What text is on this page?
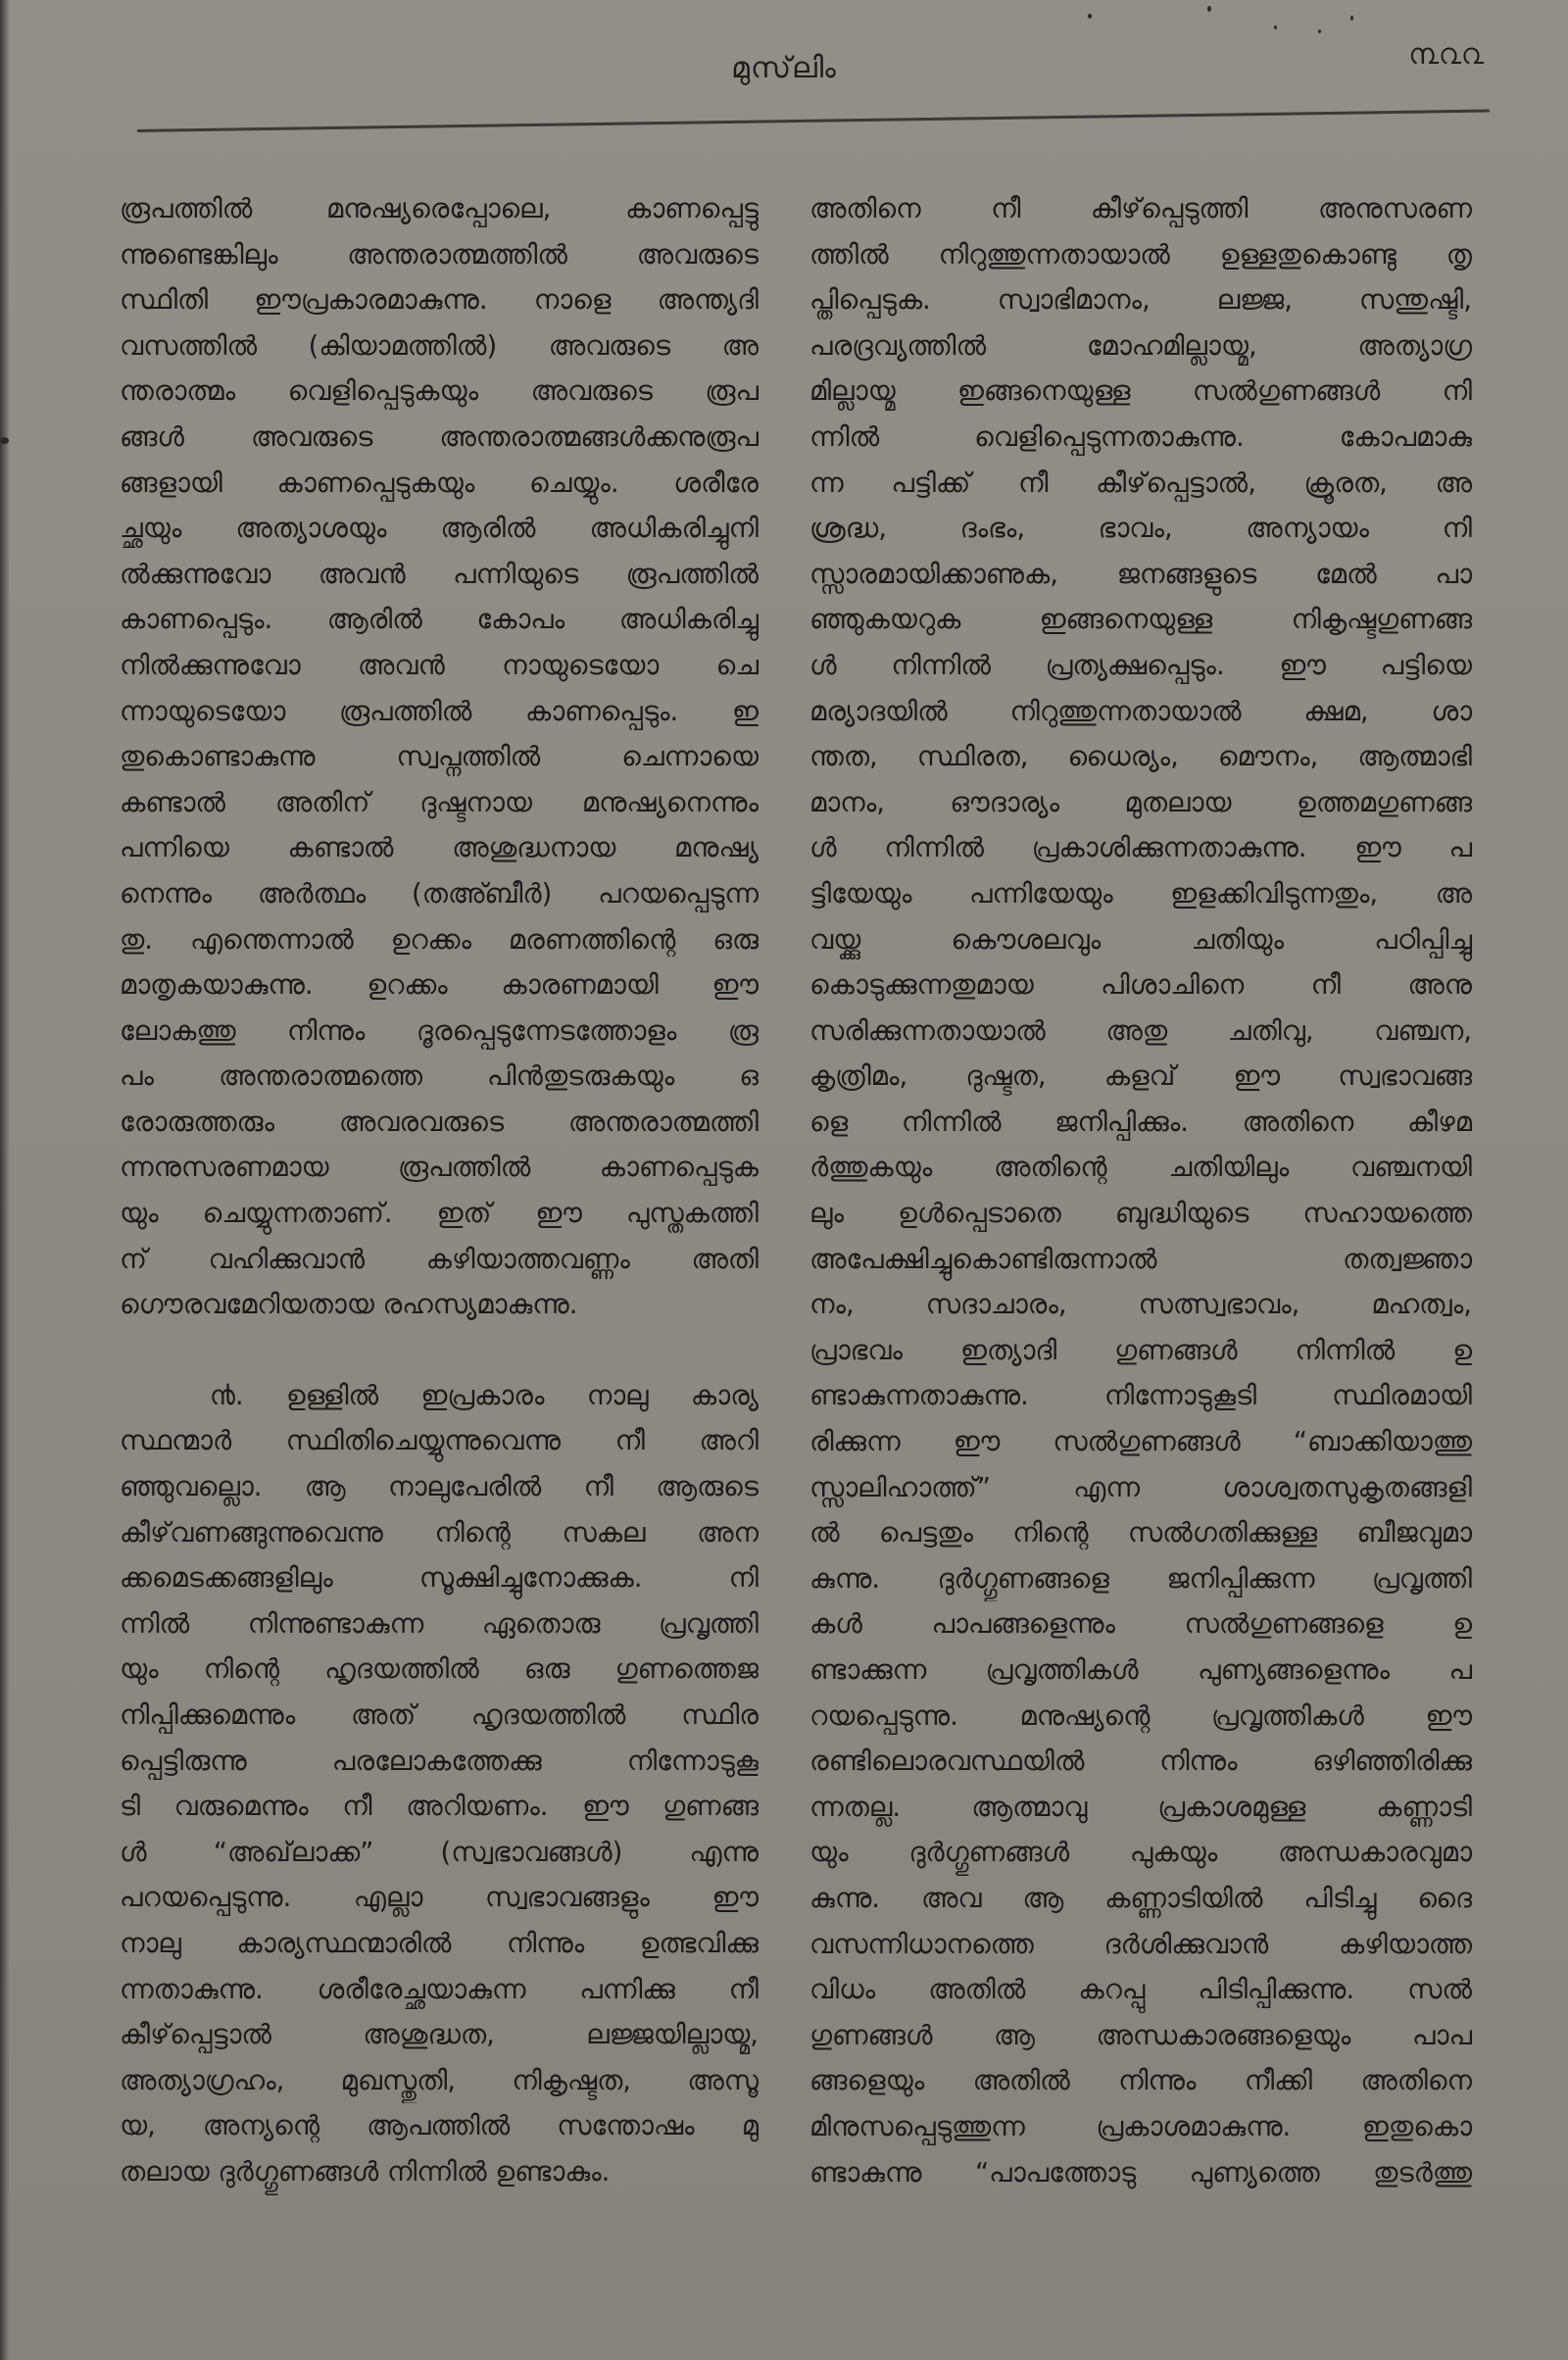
മുസ്‌ലിം	൩൨൨
രൂപത്തിൽ മനുഷ്യരെപ്പോലെ, കാണപ്പെട്ടു
ന്നുണ്ടെങ്കിലും അന്തരാത്മത്തിൽ അവരുടെ
സ്ഥിതി ഈപ്രകാരമാകുന്നു. നാളെ അന്ത്യദി
വസത്തിൽ (കിയാമത്തിൽ) അവരുടെ അ
ന്തരാത്മം വെളിപ്പെടുകയും അവരുടെ രൂപ
ങ്ങൾ അവരുടെ അന്തരാത്മങ്ങൾക്കനുരൂപ
ങ്ങളായി കാണപ്പെടുകയും ചെയ്യും. ശരീരേ
ച്ഛയും അത്യാശയും ആരിൽ അധികരിച്ചുനി
ൽക്കുന്നുവോ അവൻ പന്നിയുടെ രൂപത്തിൽ
കാണപ്പെടും. ആരിൽ കോപം അധികരിച്ചു
നിൽക്കുന്നുവോ അവൻ നായുടെയോ ചെ
ന്നായുടെയോ രൂപത്തിൽ കാണപ്പെടും. ഇ
തുകൊണ്ടാകുന്നു സ്വപ്നത്തിൽ ചെന്നായെ
കണ്ടാൽ അതിന് ദുഷ്ടനായ മനുഷ്യനെന്നും
പന്നിയെ കണ്ടാൽ അശുദ്ധനായ മനുഷ്യ
നെന്നും അർത്ഥം (തഅ്ബീർ) പറയപ്പെടുന്ന
തു. എന്തെന്നാൽ ഉറക്കം മരണത്തിന്റെ ഒരു
മാതൃകയാകുന്നു. ഉറക്കം കാരണമായി ഈ
ലോകത്തു നിന്നും ദൂരപ്പെടുന്നേടത്തോളം രൂ
പം അന്തരാത്മത്തെ പിൻതുടരുകയും ഒ
രോരുത്തരും അവരവരുടെ അന്തരാത്മത്തി
ന്നനുസരണമായ രൂപത്തിൽ കാണപ്പെടുക
യും ചെയ്യുന്നതാണ്. ഇത് ഈ പുസ്തകത്തി
ന് വഹിക്കുവാൻ കഴിയാത്തവണ്ണം അതി
ഗൌരവമേറിയതായ രഹസ്യമാകുന്നു.
൯. ഉള്ളിൽ ഇപ്രകാരം നാലു കാര്യ
സ്ഥന്മാർ സ്ഥിതിചെയ്യുന്നുവെന്നു നീ അറി
ഞ്ഞുവല്ലൊ. ആ നാലുപേരിൽ നീ ആരുടെ
കീഴ്‌വണങ്ങുന്നുവെന്നു നിന്റെ സകല അന
ക്കമെടക്കങ്ങളിലും സൂക്ഷിച്ചുനോക്കുക. നി
ന്നിൽ നിന്നുണ്ടാകുന്ന ഏതൊരു പ്രവൃത്തി
യും നിന്റെ ഹൃദയത്തിൽ ഒരു ഗുണത്തെജ
നിപ്പിക്കുമെന്നും അത് ഹൃദയത്തിൽ സ്ഥിര
പ്പെട്ടിരുന്നു പരലോകത്തേക്കു നിന്നോടുകൂ
ടി വരുമെന്നും നീ അറിയണം. ഈ ഗുണങ്ങ
ൾ “അഖ്‌ലാക്ക” (സ്വഭാവങ്ങൾ) എന്നു
പറയപ്പെടുന്നു. എല്ലാ സ്വഭാവങ്ങളും ഈ
നാലു കാര്യസ്ഥന്മാരിൽ നിന്നും ഉത്ഭവിക്കു
ന്നതാകുന്നു. ശരീരേച്ഛയാകുന്ന പന്നിക്കു നീ
കീഴ്‌പ്പെട്ടാൽ അശുദ്ധത, ലജ്ജയില്ലായ്മ,
അത്യാഗ്രഹം, മുഖസ്തുതി, നികൃഷ്ടത, അസൂ
യ, അന്യന്റെ ആപത്തിൽ സന്തോഷം മു
തലായ ദുർഗ്ഗുണങ്ങൾ നിന്നിൽ ഉണ്ടാകും.
അതിനെ നീ കീഴ്‌പ്പെടുത്തി അനുസരണ
ത്തിൽ നിറുത്തുന്നതായാൽ ഉള്ളതുകൊണ്ടു തൃ
പ്തിപ്പെടുക. സ്വാഭിമാനം, ലജ്ജ, സന്തുഷ്ടി,
പരദ്രവ്യത്തിൽ മോഹമില്ലായ്മ, അത്യാഗ്ര
മില്ലായ്മ ഇങ്ങനെയുള്ള സൽഗുണങ്ങൾ നി
ന്നിൽ വെളിപ്പെടുന്നതാകുന്നു. കോപമാകു
ന്ന പട്ടിക്ക് നീ കീഴ്‌പ്പെട്ടാൽ, ക്രൂരത, അ
ശ്രദ്ധ, ദംഭം, ഭാവം, അന്യായം നി
സ്സാരമായിക്കാണുക, ജനങ്ങളുടെ മേൽ പാ
ഞ്ഞുകയറുക ഇങ്ങനെയുള്ള നികൃഷ്ടഗുണങ്ങ
ൾ നിന്നിൽ പ്രത്യക്ഷപ്പെടും. ഈ പട്ടിയെ
മര്യാദയിൽ നിറുത്തുന്നതായാൽ ക്ഷമ, ശാ
ന്തത, സ്ഥിരത, ധൈര്യം, മൌനം, ആത്മാഭി
മാനം, ഔദാര്യം മുതലായ ഉത്തമഗുണങ്ങ
ൾ നിന്നിൽ പ്രകാശിക്കുന്നതാകുന്നു. ഈ പ
ട്ടിയേയും പന്നിയേയും ഇളക്കിവിടുന്നതും, അ
വയ്ക്കു കൌശലവും ചതിയും പഠിപ്പിച്ചു
കൊടുക്കുന്നതുമായ പിശാചിനെ നീ അനു
സരിക്കുന്നതായാൽ അതു ചതിവു, വഞ്ചന,
കൃത്രിമം, ദുഷ്ടത, കളവ് ഈ സ്വഭാവങ്ങ
ളെ നിന്നിൽ ജനിപ്പിക്കും. അതിനെ കീഴമ
ർത്തുകയും അതിന്റെ ചതിയിലും വഞ്ചനയി
ലും ഉൾപ്പെടാതെ ബുദ്ധിയുടെ സഹായത്തെ
അപേക്ഷിച്ചുകൊണ്ടിരുന്നാൽ തത്വജ്ഞാ
നം, സദാചാരം, സത്സ്വഭാവം, മഹത്വം,
പ്രാഭവം ഇത്യാദി ഗുണങ്ങൾ നിന്നിൽ ഉ
ണ്ടാകുന്നതാകുന്നു. നിന്നോടുകൂടി സ്ഥിരമായി
രിക്കുന്ന ഈ സൽഗുണങ്ങൾ “ബാക്കിയാത്തു
സ്സാലിഹാത്ത്” എന്ന ശാശ്വതസുകൃതങ്ങളി
ൽ പെട്ടതും നിന്റെ സൽഗതിക്കുള്ള ബീജവുമാ
കുന്നു. ദുർഗ്ഗുണങ്ങളെ ജനിപ്പിക്കുന്ന പ്രവൃത്തി
കൾ പാപങ്ങളെന്നും സൽഗുണങ്ങളെ ഉ
ണ്ടാക്കുന്ന പ്രവൃത്തികൾ പുണ്യങ്ങളെന്നും പ
റയപ്പെടുന്നു. മനുഷ്യന്റെ പ്രവൃത്തികൾ ഈ
രണ്ടിലൊരവസ്ഥയിൽ നിന്നും ഒഴിഞ്ഞിരിക്കു
ന്നതല്ല. ആത്മാവു പ്രകാശമുള്ള കണ്ണാടി
യും ദുർഗ്ഗുണങ്ങൾ പുകയും അന്ധകാരവുമാ
കുന്നു. അവ ആ കണ്ണാടിയിൽ പിടിച്ചു ദൈ
വസന്നിധാനത്തെ ദർശിക്കുവാൻ കഴിയാത്ത
വിധം അതിൽ കറപ്പു പിടിപ്പിക്കുന്നു. സൽ
ഗുണങ്ങൾ ആ അന്ധകാരങ്ങളെയും പാപ
ങ്ങളെയും അതിൽ നിന്നും നീക്കി അതിനെ
മിനുസപ്പെടുത്തുന്ന പ്രകാശമാകുന്നു. ഇതുകൊ
ണ്ടാകുന്നു “പാപത്തോടു പുണ്യത്തെ തുടർത്തു
